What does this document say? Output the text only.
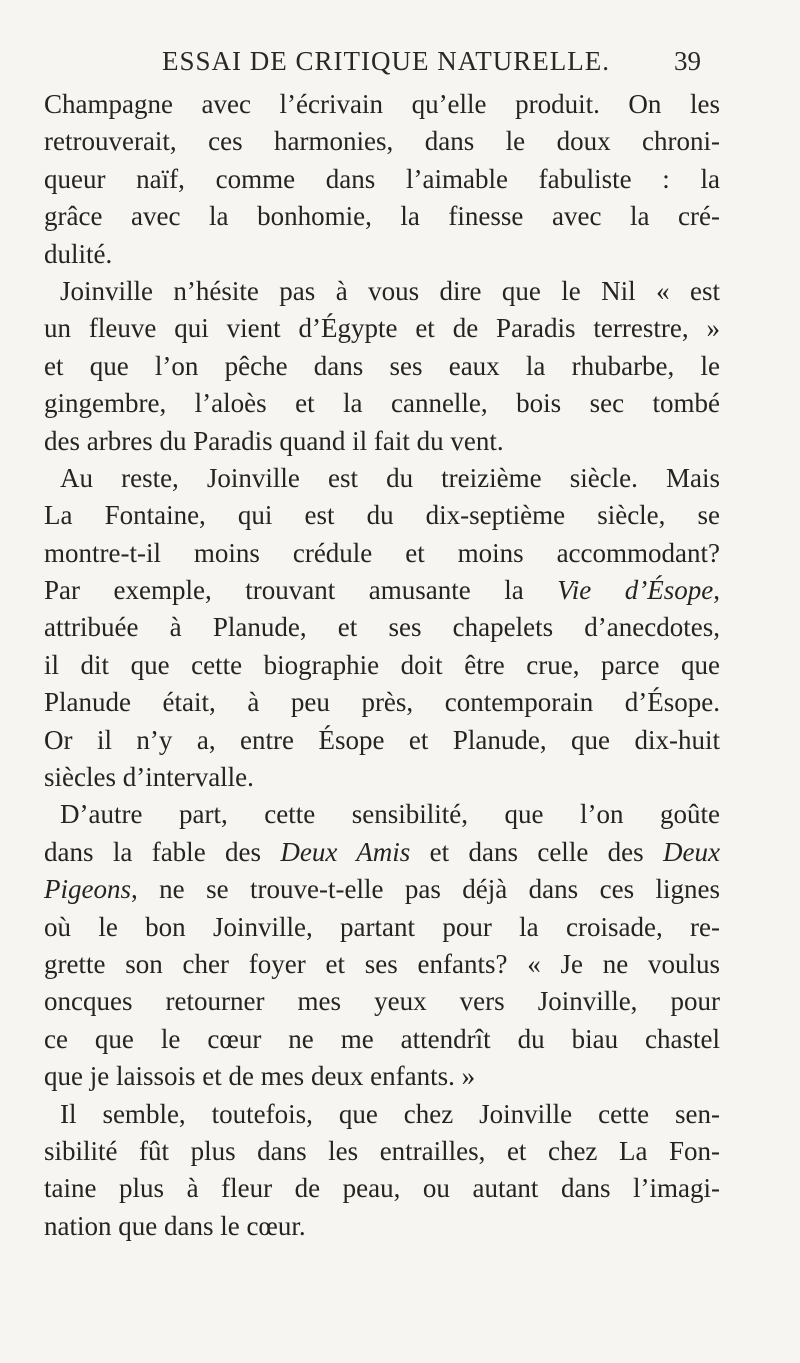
ESSAI DE CRITIQUE NATURELLE. 39
Champagne avec l’écrivain qu’elle produit. On les
retrouverait, ces harmonies, dans le doux chroni-
queur naïf, comme dans l’aimable fabuliste : la
grâce avec la bonhomie, la finesse avec la cré-
dulité.
Joinville n’hésite pas à vous dire que le Nil « est
un fleuve qui vient d’Égypte et de Paradis terrestre, »
et que l’on pêche dans ses eaux la rhubarbe, le
gingembre, l’aloès et la cannelle, bois sec tombé
des arbres du Paradis quand il fait du vent.
Au reste, Joinville est du treizième siècle. Mais
La Fontaine, qui est du dix-septième siècle, se
montre-t-il moins crédule et moins accommodant?
Par exemple, trouvant amusante la Vie d’Ésope,
attribuée à Planude, et ses chapelets d’anecdotes,
il dit que cette biographie doit être crue, parce que
Planude était, à peu près, contemporain d’Ésope.
Or il n’y a, entre Ésope et Planude, que dix-huit
siècles d’intervalle.
D’autre part, cette sensibilité, que l’on goûte
dans la fable des Deux Amis et dans celle des Deux
Pigeons, ne se trouve-t-elle pas déjà dans ces lignes
où le bon Joinville, partant pour la croisade, re-
grette son cher foyer et ses enfants? « Je ne voulus
oncques retourner mes yeux vers Joinville, pour
ce que le cœur ne me attendrît du biau chastel
que je laissois et de mes deux enfants. »
Il semble, toutefois, que chez Joinville cette sen-
sibilité fût plus dans les entrailles, et chez La Fon-
taine plus à fleur de peau, ou autant dans l’imagi-
nation que dans le cœur.
